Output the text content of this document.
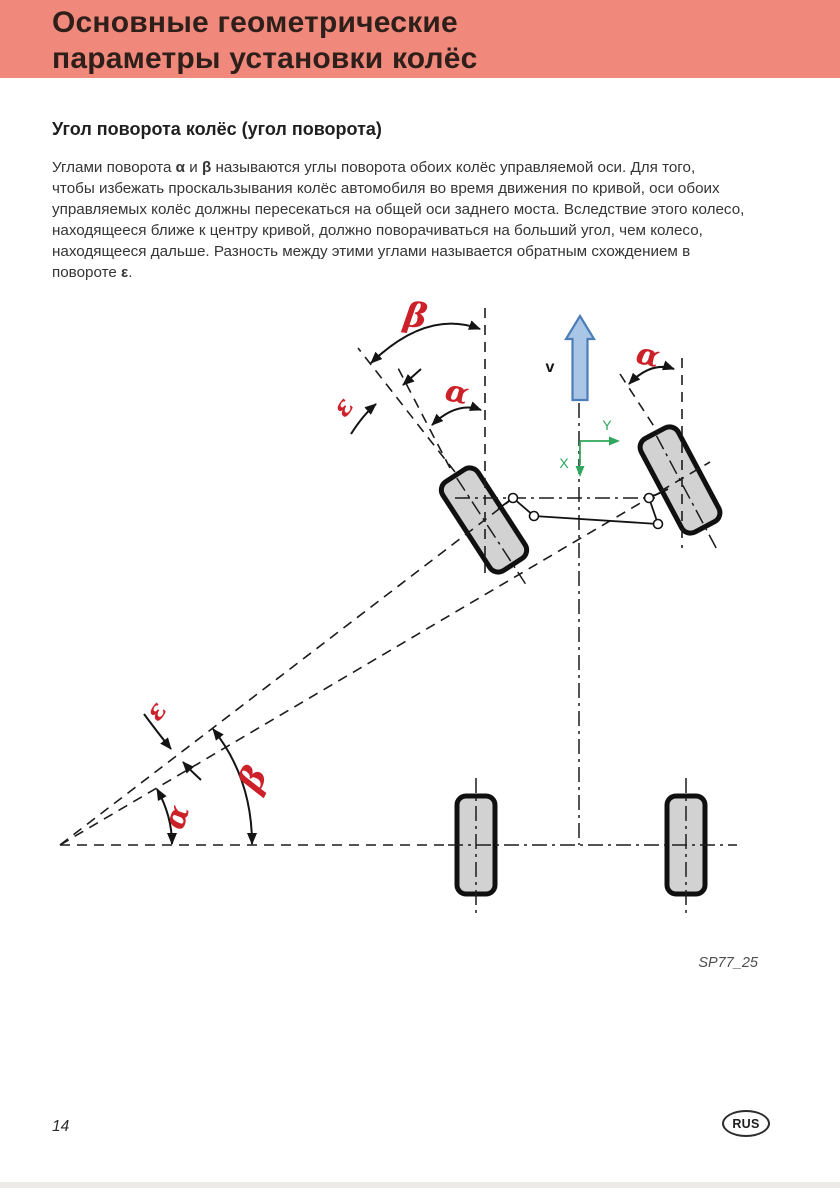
Основные геометрические
параметры установки колёс
Угол поворота колёс (угол поворота)
Углами поворота α и β называются углы поворота обоих колёс управляемой оси. Для того,
чтобы избежать проскальзывания колёс автомобиля во время движения по кривой, оси обоих
управляемых колёс должны пересекаться на общей оси заднего моста. Вследствие этого колесо,
находящееся ближе к центру кривой, должно поворачиваться на больший угол, чем колесо,
находящееся дальше. Разность между этими углами называется обратным схождением в
повороте ε.
v
Y
X
β
α
ε
α
ε
β
α
SP77_25
14	RUS
